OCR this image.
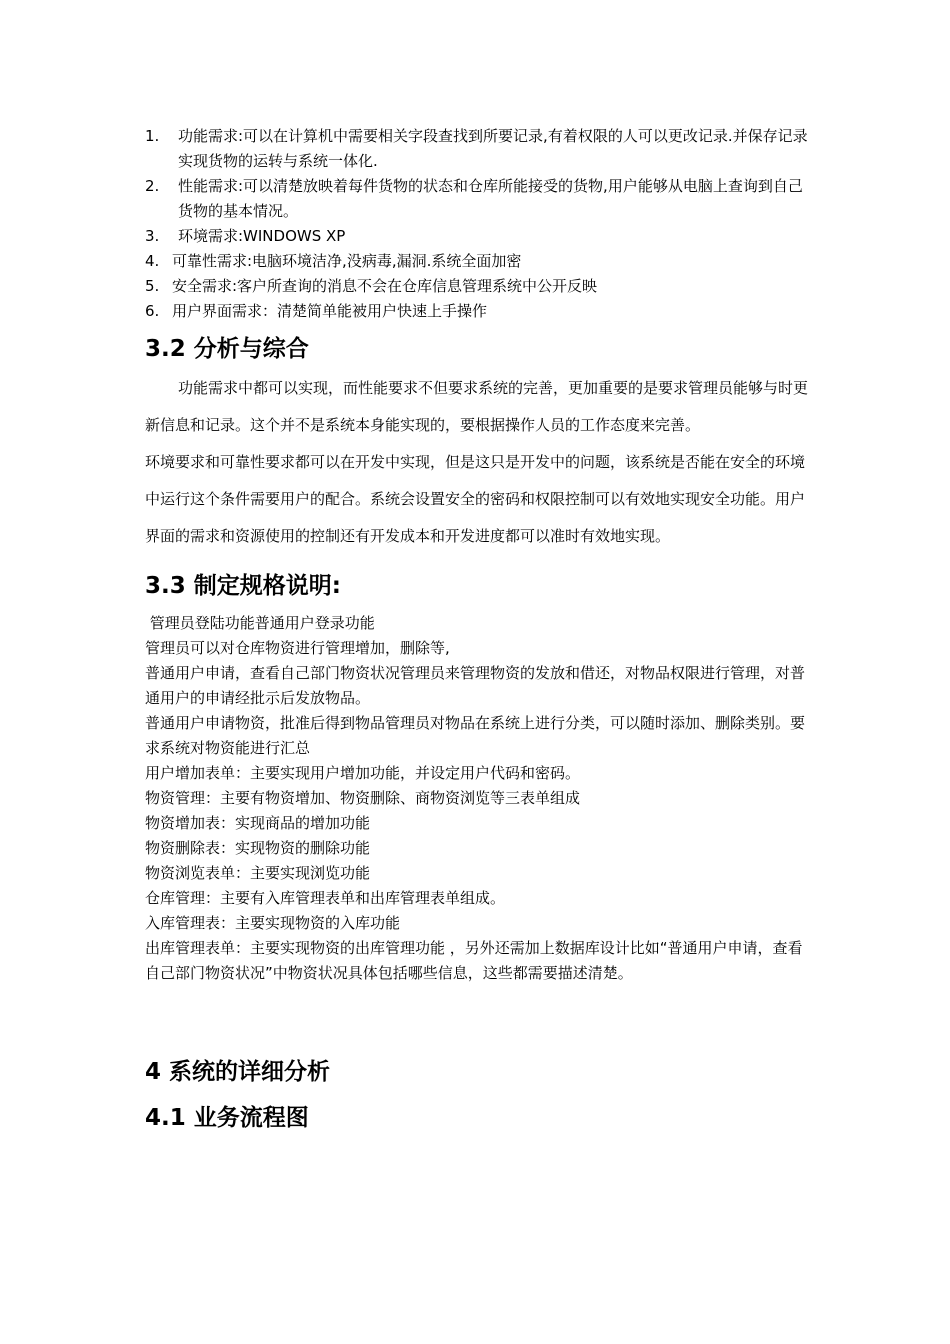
1.	功能需求:可以在计算机中需要相关字段查找到所要记录,有着权限的人可以更改记录.并保存记录实现货物的运转与系统一体化.
2.	性能需求:可以清楚放映着每件货物的状态和仓库所能接受的货物,用户能够从电脑上查询到自己货物的基本情况。
3.	环境需求:WINDOWS XP
4. 可靠性需求:电脑环境洁净,没病毒,漏洞.系统全面加密
5. 安全需求:客户所查询的消息不会在仓库信息管理系统中公开反映
6. 用户界面需求：清楚简单能被用户快速上手操作
3.2 分析与综合

功能需求中都可以实现，而性能要求不但要求系统的完善，更加重要的是要求管理员能够与时更新信息和记录。这个并不是系统本身能实现的，要根据操作人员的工作态度来完善。

环境要求和可靠性要求都可以在开发中实现，但是这只是开发中的问题，该系统是否能在安全的环境中运行这个条件需要用户的配合。系统会设置安全的密码和权限控制可以有效地实现安全功能。用户界面的需求和资源使用的控制还有开发成本和开发进度都可以准时有效地实现。

3.3 制定规格说明:

管理员登陆功能普通用户登录功能

管理员可以对仓库物资进行管理增加，删除等,

普通用户申请，查看自己部门物资状况管理员来管理物资的发放和借还，对物品权限进行管理，对普通用户的申请经批示后发放物品。

普通用户申请物资，批准后得到物品管理员对物品在系统上进行分类，可以随时添加、删除类别。要求系统对物资能进行汇总

用户增加表单：主要实现用户增加功能，并设定用户代码和密码。

物资管理：主要有物资增加、物资删除、商物资浏览等三表单组成

物资增加表：实现商品的增加功能

物资删除表：实现物资的删除功能

物资浏览表单：主要实现浏览功能

仓库管理：主要有入库管理表单和出库管理表单组成。

入库管理表：主要实现物资的入库功能

出库管理表单：主要实现物资的出库管理功能 ，另外还需加上数据库设计比如“普通用户申请，查看自己部门物资状况”中物资状况具体包括哪些信息，这些都需要描述清楚。

4 系统的详细分析
4.1 业务流程图
